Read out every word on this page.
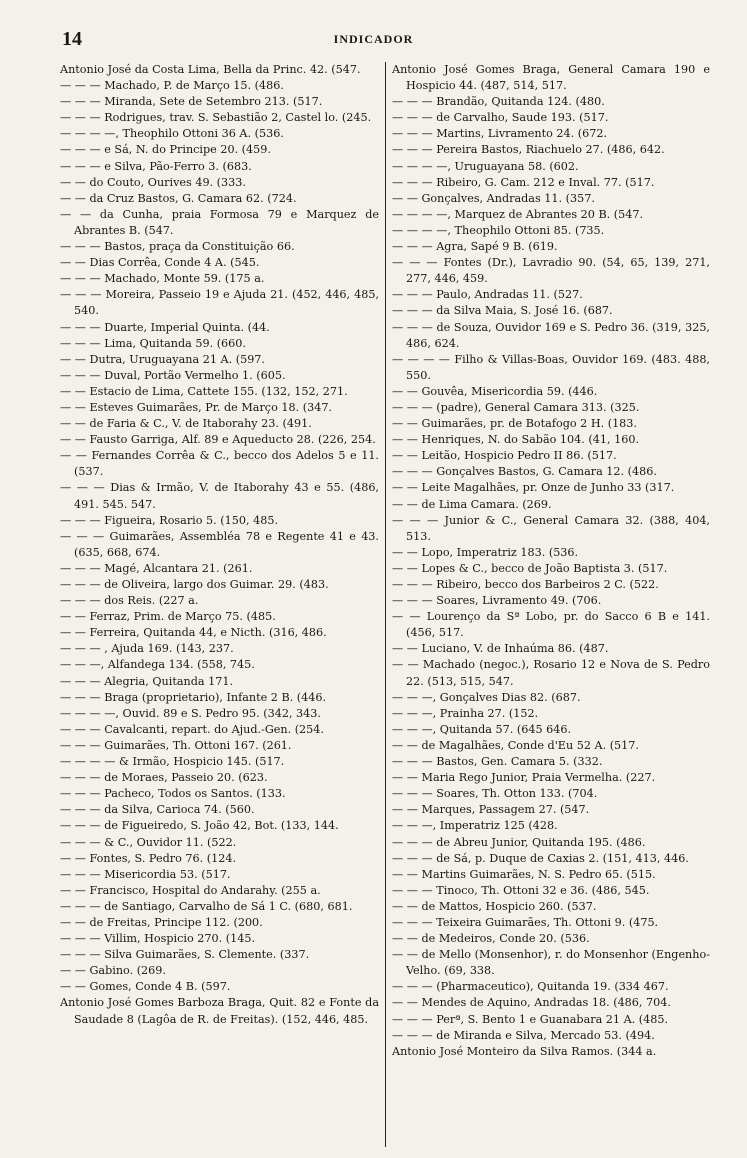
14	INDICADOR

Antonio José da Costa Lima, Bella da Princ. 42. (547.

— — — Machado, P. de Março 15. (486.

— — — Miranda, Sete de Setembro 213. (517.

— — — Rodrigues, trav. S. Sebastião 2, Castel lo. (245.

— — — —, Theophilo Ottoni 36 A. (536.

— — — e Sá, N. do Principe 20. (459.

— — — e Silva, Pão-Ferro 3. (683.

— — do Couto, Ourives 49. (333.

— — da Cruz Bastos, G. Camara 62. (724.

— — da Cunha, praia Formosa 79 e Marquez de Abrantes B. (547.

— — — Bastos, praça da Constituição 66.

— — Dias Corrêa, Conde 4 A. (545.

— — — Machado, Monte 59. (175 a.

— — — Moreira, Passeio 19 e Ajuda 21. (452, 446, 485, 540.

— — — Duarte, Imperial Quinta. (44.

— — — Lima, Quitanda 59. (660.

— — Dutra, Uruguayana 21 A. (597.

— — — Duval, Portão Vermelho 1. (605.

— — Estacio de Lima, Cattete 155. (132, 152, 271.

— — Esteves Guimarães, Pr. de Março 18. (347.

— — de Faria & C., V. de Itaborahy 23. (491.

— — Fausto Garriga, Alf. 89 e Aqueducto 28. (226, 254.

— — Fernandes Corrêa & C., becco dos Adelos 5 e 11. (537.

— — — Dias & Irmão, V. de Itaborahy 43 e 55. (486, 491. 545. 547.

— — — Figueira, Rosario 5. (150, 485.

— — — Guimarães, Assembléa 78 e Regente 41 e 43. (635, 668, 674.

— — — Magé, Alcantara 21. (261.

— — — de Oliveira, largo dos Guimar. 29. (483.

— — — dos Reis. (227 a.

— — Ferraz, Prim. de Março 75. (485.

— — Ferreira, Quitanda 44, e Nicth. (316, 486.

— — — , Ajuda 169. (143, 237.

— — —, Alfandega 134. (558, 745.

— — — Alegria, Quitanda 171.

— — — Braga (proprietario), Infante 2 B. (446.

— — — —, Ouvid. 89 e S. Pedro 95. (342, 343.

— — — Cavalcanti, repart. do Ajud.-Gen. (254.

— — — Guimarães, Th. Ottoni 167. (261.

— — — — & Irmão, Hospicio 145. (517.

— — — de Moraes, Passeio 20. (623.

— — — Pacheco, Todos os Santos. (133.

— — — da Silva, Carioca 74. (560.

— — — de Figueiredo, S. João 42, Bot. (133, 144.

— — — & C., Ouvidor 11. (522.

— — Fontes, S. Pedro 76. (124.

— — — Misericordia 53. (517.

— — Francisco, Hospital do Andarahy. (255 a.

— — — de Santiago, Carvalho de Sá 1 C. (680, 681.

— — de Freitas, Principe 112. (200.

— — — Villim, Hospicio 270. (145.

— — — Silva Guimarães, S. Clemente. (337.

— — Gabino. (269.

— — Gomes, Conde 4 B. (597.

Antonio José Gomes Barboza Braga, Quit. 82 e Fonte da Saudade 8 (Lagôa de R. de Freitas). (152, 446, 485.

Antonio José Gomes Braga, General Camara 190 e Hospicio 44. (487, 514, 517.

— — — Brandão, Quitanda 124. (480.

— — — de Carvalho, Saude 193. (517.

— — — Martins, Livramento 24. (672.

— — — Pereira Bastos, Riachuelo 27. (486, 642.

— — — —, Uruguayana 58. (602.

— — — Ribeiro, G. Cam. 212 e Inval. 77. (517.

— — Gonçalves, Andradas 11. (357.

— — — —, Marquez de Abrantes 20 B. (547.

— — — —, Theophilo Ottoni 85. (735.

— — — Agra, Sapé 9 B. (619.

— — — Fontes (Dr.), Lavradio 90. (54, 65, 139, 271, 277, 446, 459.

— — — Paulo, Andradas 11. (527.

— — — da Silva Maia, S. José 16. (687.

— — — de Souza, Ouvidor 169 e S. Pedro 36. (319, 325, 486, 624.

— — — — Filho & Villas-Boas, Ouvidor 169. (483. 488, 550.

— — Gouvêa, Misericordia 59. (446.

— — — (padre), General Camara 313. (325.

— — Guimarães, pr. de Botafogo 2 H. (183.

— — Henriques, N. do Sabão 104. (41, 160.

— — Leitão, Hospicio Pedro II 86. (517.

— — — Gonçalves Bastos, G. Camara 12. (486.

— — Leite Magalhães, pr. Onze de Junho 33 (317.

— — de Lima Camara. (269.

— — — Junior & C., General Camara 32. (388, 404, 513.

— — Lopo, Imperatriz 183. (536.

— — Lopes & C., becco de João Baptista 3. (517.

— — — Ribeiro, becco dos Barbeiros 2 C. (522.

— — — Soares, Livramento 49. (706.

— — Lourenço da Sª Lobo, pr. do Sacco 6 B e 141. (456, 517.

— — Luciano, V. de Inhaúma 86. (487.

— — Machado (negoc.), Rosario 12 e Nova de S. Pedro 22. (513, 515, 547.

— — —, Gonçalves Dias 82. (687.

— — —, Prainha 27. (152.

— — —, Quitanda 57. (645 646.

— — de Magalhães, Conde d'Eu 52 A. (517.

— — — Bastos, Gen. Camara 5. (332.

— — Maria Rego Junior, Praia Vermelha. (227.

— — — Soares, Th. Otton 133. (704.

— — Marques, Passagem 27. (547.

— — —, Imperatriz 125 (428.

— — — de Abreu Junior, Quitanda 195. (486.

— — — de Sá, p. Duque de Caxias 2. (151, 413, 446.

— — Martins Guimarães, N. S. Pedro 65. (515.

— — — Tinoco, Th. Ottoni 32 e 36. (486, 545.

— — de Mattos, Hospicio 260. (537.

— — — Teixeira Guimarães, Th. Ottoni 9. (475.

— — de Medeiros, Conde 20. (536.

— — de Mello (Monsenhor), r. do Monsenhor (Engenho-Velho. (69, 338.

— — — (Pharmaceutico), Quitanda 19. (334 467.

— — Mendes de Aquino, Andradas 18. (486, 704.

— — — Perª, S. Bento 1 e Guanabara 21 A. (485.

— — — de Miranda e Silva, Mercado 53. (494.

Antonio José Monteiro da Silva Ramos. (344 a.
